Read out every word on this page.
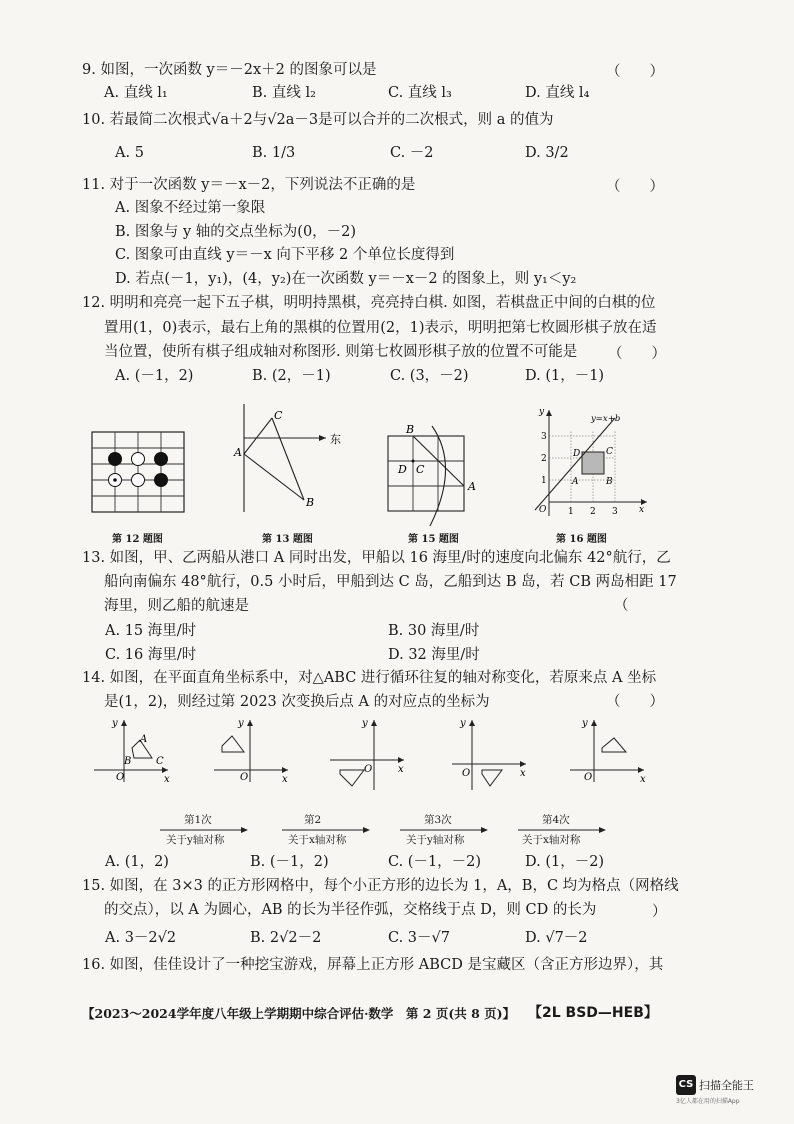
9. 如图，一次函数 y＝－2x＋2 的图象可以是	（　　）
A. 直线 l₁	B. 直线 l₂	C. 直线 l₃	D. 直线 l₄
10. 若最简二次根式√a＋2与√2a－3是可以合并的二次根式，则 a 的值为
A. 5	B. 1/3	C. －2	D. 3/2
11. 对于一次函数 y＝－x－2，下列说法不正确的是	（　　）
A. 图象不经过第一象限
B. 图象与 y 轴的交点坐标为(0，－2)
C. 图象可由直线 y＝－x 向下平移 2 个单位长度得到
D. 若点(－1，y₁)，(4，y₂)在一次函数 y＝－x－2 的图象上，则 y₁＜y₂
12. 明明和亮亮一起下五子棋，明明持黑棋，亮亮持白棋. 如图，若棋盘正中间的白棋的位
置用(1，0)表示，最右上角的黑棋的位置用(2，1)表示，明明把第七枚圆形棋子放在适
当位置，使所有棋子组成轴对称图形. 则第七枚圆形棋子放的位置不可能是 （　　）
A. (－1，2)	B. (2，－1)	C. (3，－2)	D. (1，－1)
第 12 题图
A
C
B
东
第 13 题图
B
D C
A
第 15 题图
y
x
O 1 2 3
1
2
3
D	C
A	B
y=x+b
第 16 题图
13. 如图，甲、乙两船从港口 A 同时出发，甲船以 16 海里/时的速度向北偏东 42°航行，乙
船向南偏东 48°航行，0.5 小时后，甲船到达 C 岛，乙船到达 B 岛，若 CB 两岛相距 17
海里，则乙船的航速是	（
A. 15 海里/时	B. 30 海里/时
C. 16 海里/时	D. 32 海里/时
14. 如图，在平面直角坐标系中，对△ABC 进行循环往复的轴对称变化，若原来点 A 坐标
是(1，2)，则经过第 2023 次变换后点 A 的对应点的坐标为	（　　）
y
x
O
A
B C
y
x
O
y
x
O
y
x
O
y
x
O
第1次
关于y轴对称
第2
关于x轴对称
第3次
关于y轴对称
第4次
关于x轴对称
A. (1，2)	B. (－1，2)	C. (－1，－2)	D. (1，－2)
15. 如图，在 3×3 的正方形网格中，每个小正方形的边长为 1，A，B，C 均为格点（网格线
的交点），以 A 为圆心，AB 的长为半径作弧，交格线于点 D，则 CD 的长为	）
A. 3－2√2	B. 2√2－2	C. 3－√7	D. √7－2
16. 如图，佳佳设计了一种挖宝游戏，屏幕上正方形 ABCD 是宝藏区（含正方形边界），其
【2023～2024学年度八年级上学期期中综合评估·数学　第 2 页(共 8 页)】 【2L BSD—HEB】
CS 扫描全能王
3亿人都在用的扫描App
